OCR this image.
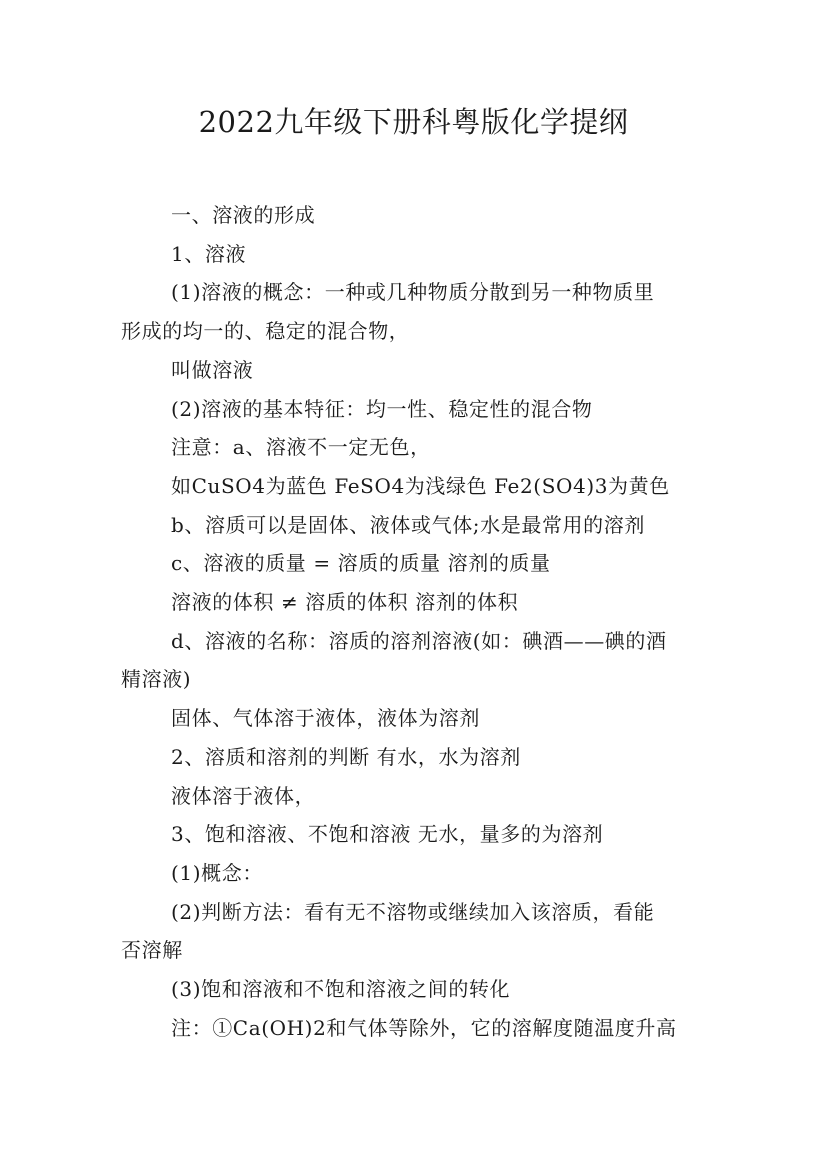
2022九年级下册科粤版化学提纲
一、溶液的形成
1、溶液
(1)溶液的概念：一种或几种物质分散到另一种物质里
形成的均一的、稳定的混合物，
叫做溶液
(2)溶液的基本特征：均一性、稳定性的混合物
注意：a、溶液不一定无色，
如CuSO4为蓝色 FeSO4为浅绿色 Fe2(SO4)3为黄色
b、溶质可以是固体、液体或气体;水是最常用的溶剂
c、溶液的质量 = 溶质的质量 溶剂的质量
溶液的体积 ≠ 溶质的体积 溶剂的体积
d、溶液的名称：溶质的溶剂溶液(如：碘酒——碘的酒
精溶液)
固体、气体溶于液体，液体为溶剂
2、溶质和溶剂的判断 有水，水为溶剂
液体溶于液体，
3、饱和溶液、不饱和溶液 无水，量多的为溶剂
(1)概念：
(2)判断方法：看有无不溶物或继续加入该溶质，看能
否溶解
(3)饱和溶液和不饱和溶液之间的转化
注：①Ca(OH)2和气体等除外，它的溶解度随温度升高
